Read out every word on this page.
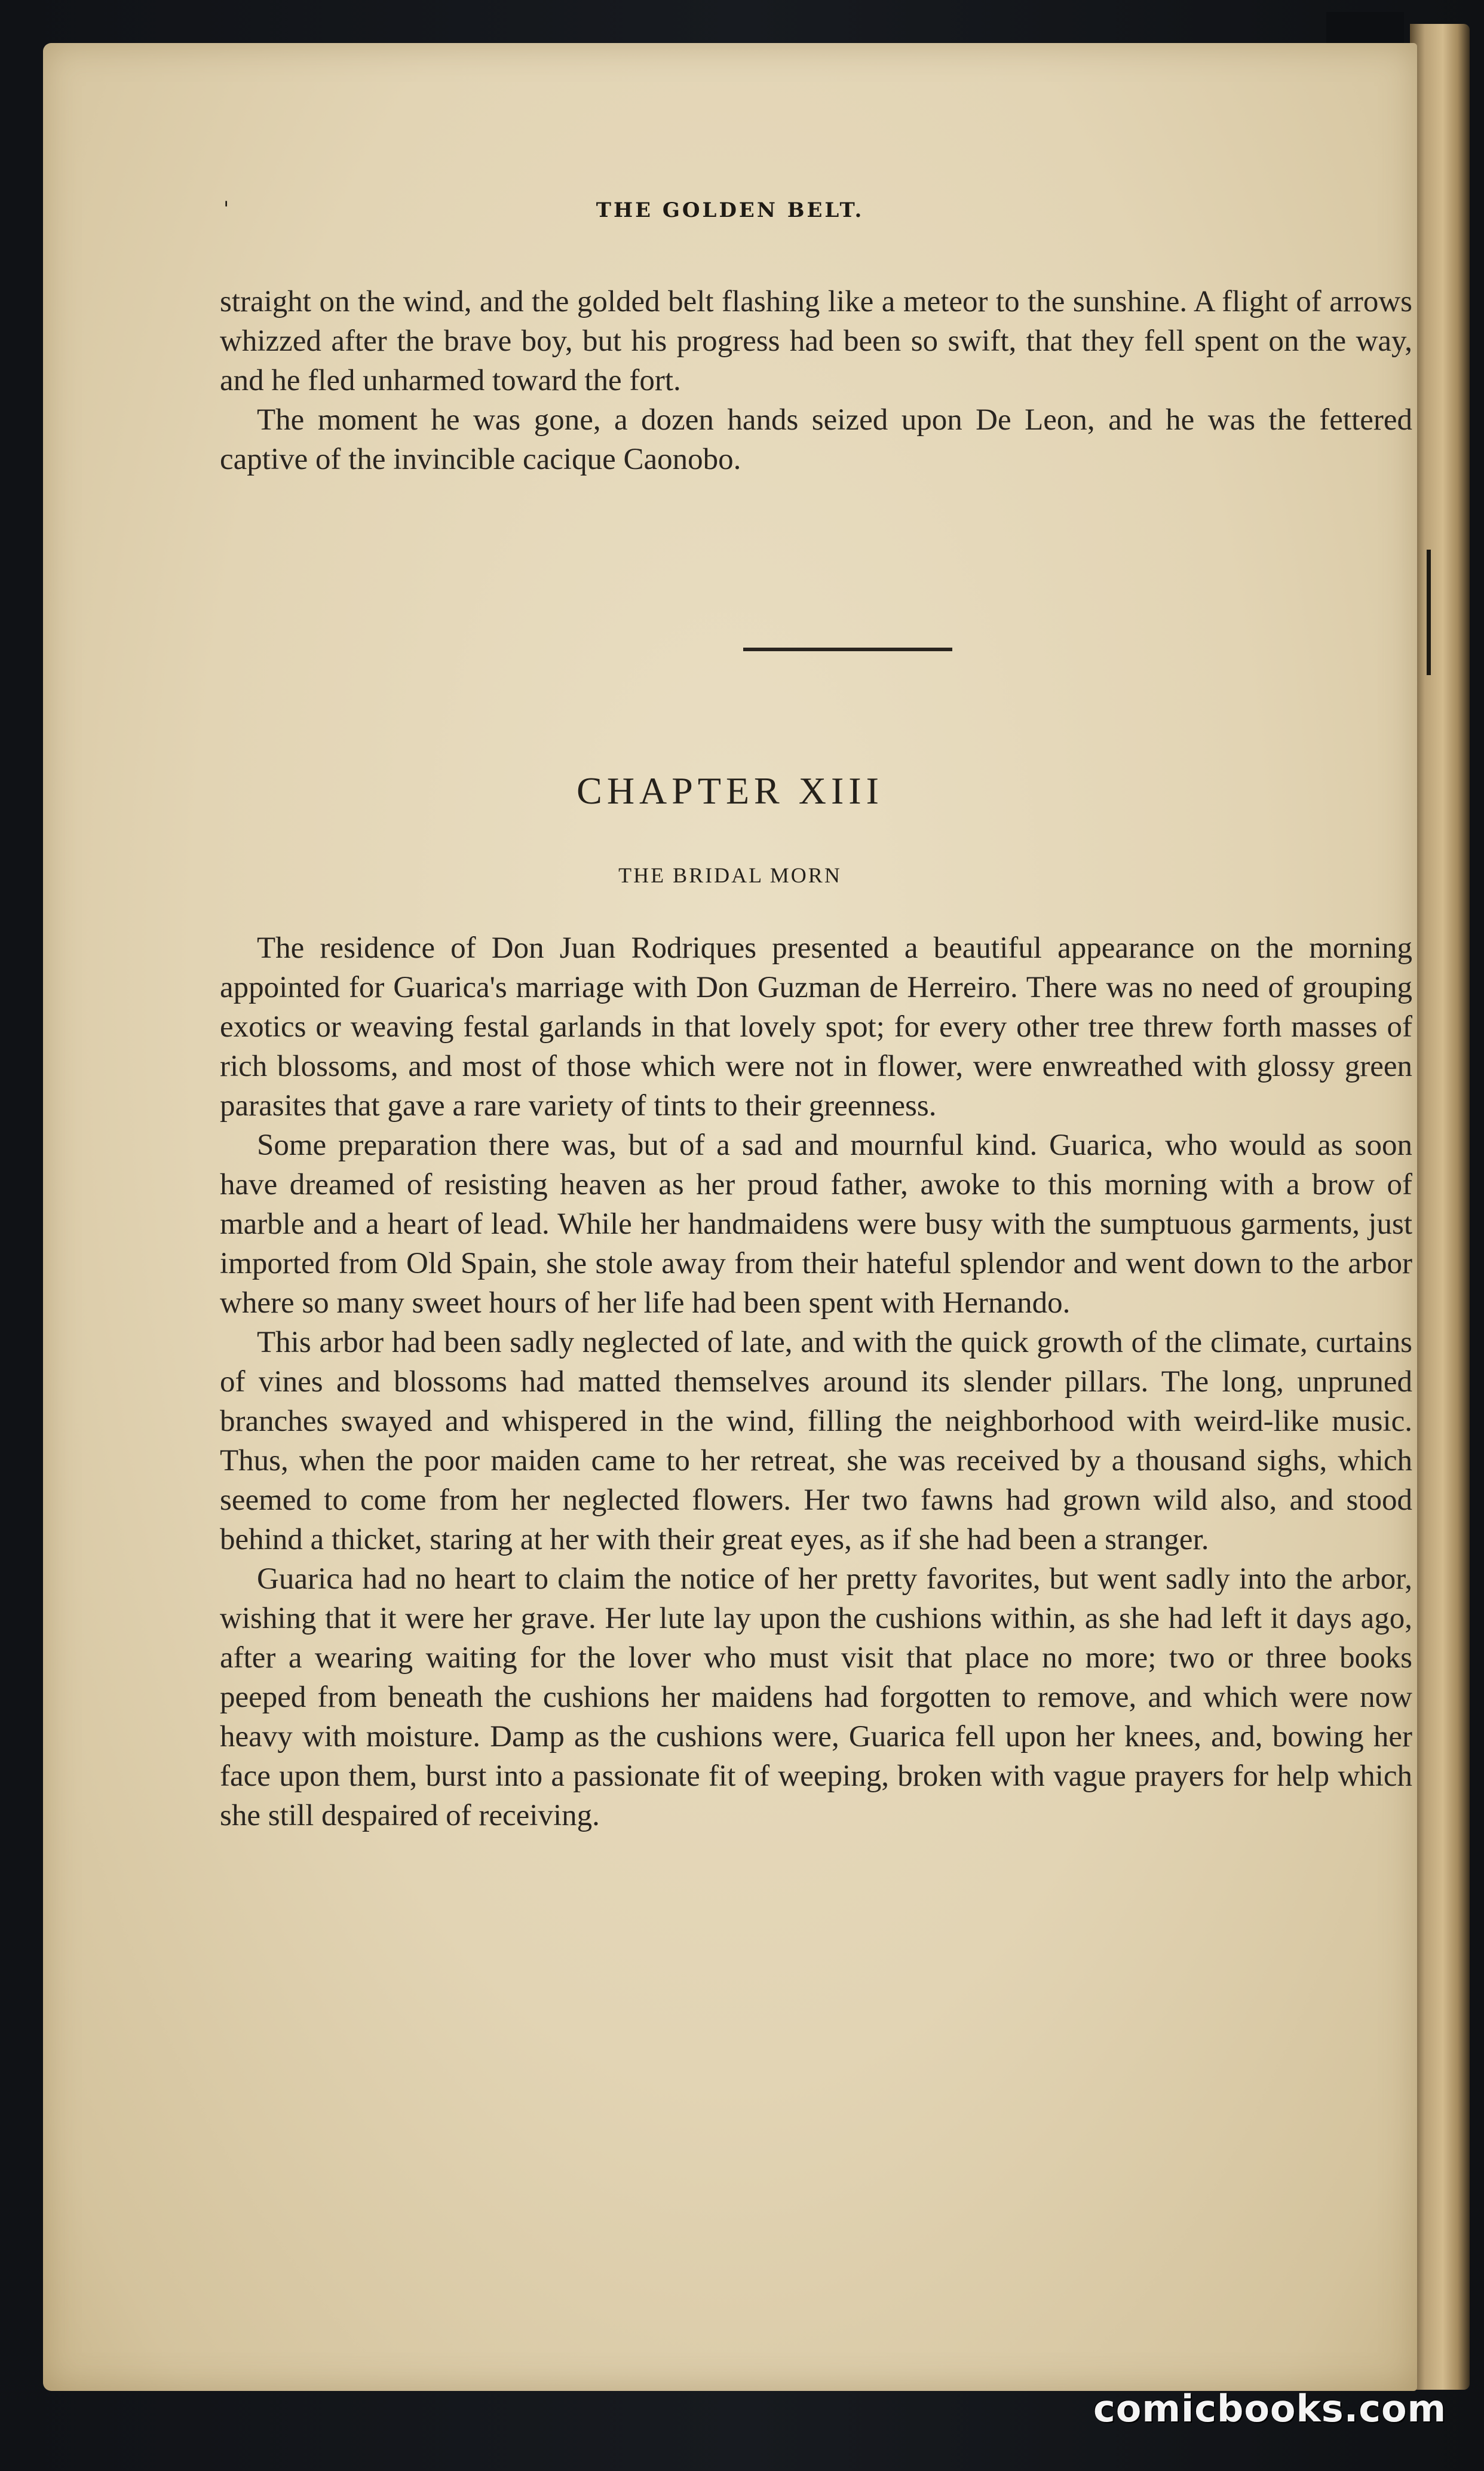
'	THE GOLDEN BELT.

straight on the wind, and the golded belt flashing like a meteor to the sunshine. A flight of arrows whizzed after the brave boy, but his progress had been so swift, that they fell spent on the way, and he fled unharmed toward the fort.

The moment he was gone, a dozen hands seized upon De Leon, and he was the fettered captive of the invincible cacique Caonobo.

CHAPTER XIII
THE BRIDAL MORN

The residence of Don Juan Rodriques presented a beautiful appearance on the morning appointed for Guarica's marriage with Don Guzman de Herreiro. There was no need of grouping exotics or weaving festal garlands in that lovely spot; for every other tree threw forth masses of rich blossoms, and most of those which were not in flower, were enwreathed with glossy green parasites that gave a rare variety of tints to their greenness.

Some preparation there was, but of a sad and mournful kind. Guarica, who would as soon have dreamed of resisting heaven as her proud father, awoke to this morning with a brow of marble and a heart of lead. While her handmaidens were busy with the sumptuous garments, just imported from Old Spain, she stole away from their hateful splendor and went down to the arbor where so many sweet hours of her life had been spent with Hernando.

This arbor had been sadly neglected of late, and with the quick growth of the climate, curtains of vines and blossoms had matted themselves around its slender pillars. The long, unpruned branches swayed and whispered in the wind, filling the neighborhood with weird-like music. Thus, when the poor maiden came to her retreat, she was received by a thousand sighs, which seemed to come from her neglected flowers. Her two fawns had grown wild also, and stood behind a thicket, staring at her with their great eyes, as if she had been a stranger.

Guarica had no heart to claim the notice of her pretty favorites, but went sadly into the arbor, wishing that it were her grave. Her lute lay upon the cushions within, as she had left it days ago, after a wearing waiting for the lover who must visit that place no more; two or three books peeped from beneath the cushions her maidens had forgotten to remove, and which were now heavy with moisture. Damp as the cushions were, Guarica fell upon her knees, and, bowing her face upon them, burst into a passionate fit of weeping, broken with vague prayers for help which she still despaired of receiving.

comicbooks.com
